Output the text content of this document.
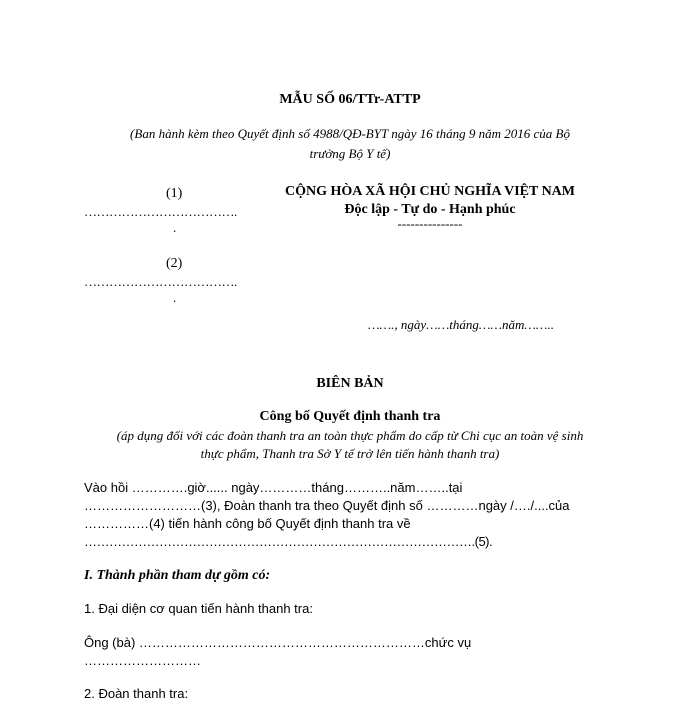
MẪU SỐ 06/TTr-ATTP
(Ban hành kèm theo Quyết định số 4988/QĐ-BYT ngày 16 tháng 9 năm 2016 của Bộ
trưởng Bộ Y tế)
(1)
……………………………….
.
(2)
……………………………….
.
CỘNG HÒA XÃ HỘI CHỦ NGHĨA VIỆT NAM
Độc lập - Tự do - Hạnh phúc
---------------
……., ngày……tháng……năm……..
BIÊN BẢN
Công bố Quyết định thanh tra
(áp dụng đối với các đoàn thanh tra an toàn thực phẩm do cấp từ Chi cục an toàn vệ sinh
thực phẩm, Thanh tra Sở Y tế trở lên tiến hành thanh tra)
Vào hồi ………….giờ...... ngày…………tháng………..năm……..tại
………………………(3), Đoàn thanh tra theo Quyết định số …………ngày /…./....của
……………(4) tiến hành công bố Quyết định thanh tra về
………………………………………………………………………………….(5).
I. Thành phần tham dự gồm có:
1. Đại diện cơ quan tiến hành thanh tra:
Ông (bà) …………………………………………………………chức vụ
………………………
2. Đoàn thanh tra:
